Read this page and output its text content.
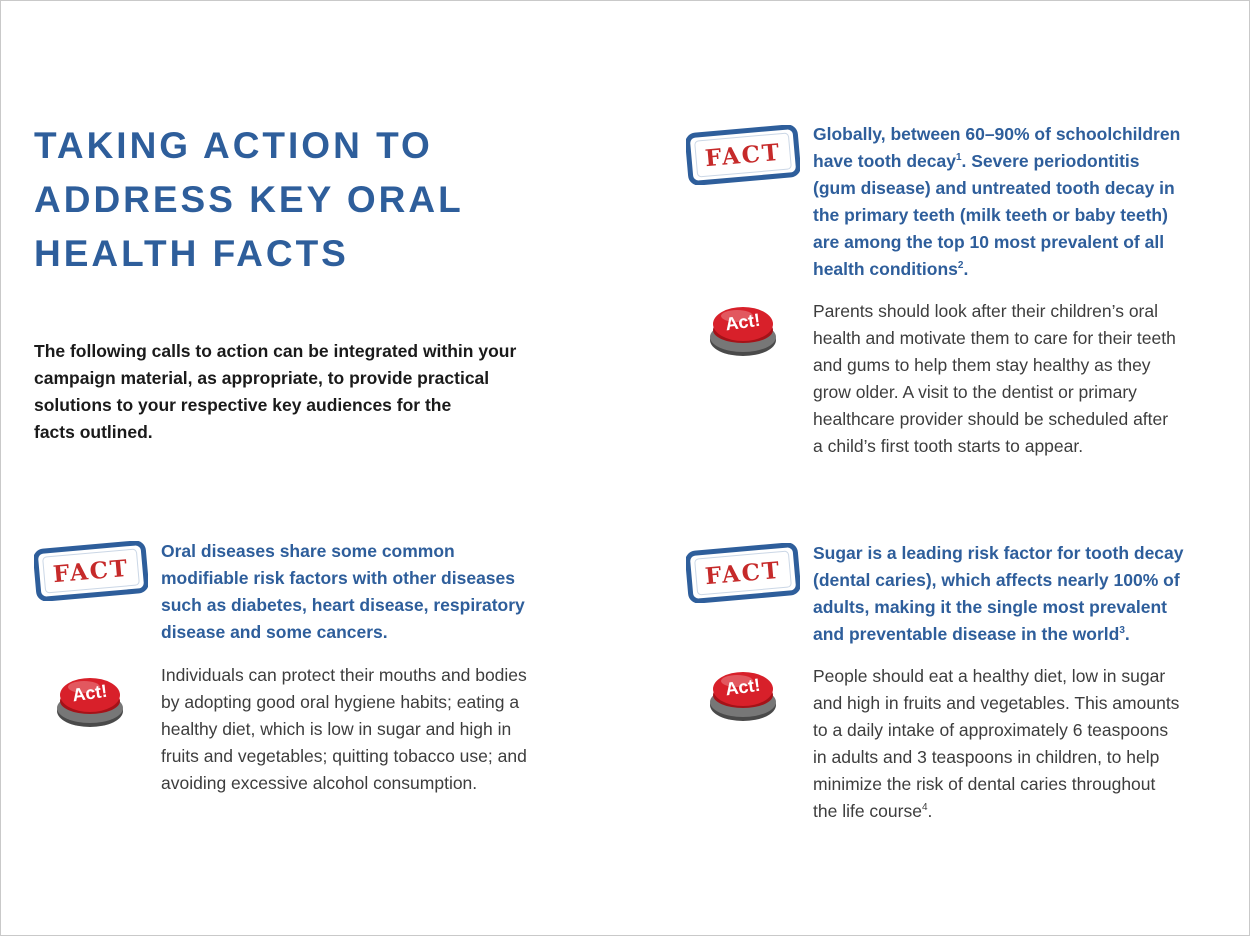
TAKING ACTION TO
ADDRESS KEY ORAL
HEALTH FACTS

The following calls to action can be integrated within your
campaign material, as appropriate, to provide practical
solutions to your respective key audiences for the
facts outlined.

FACT

Oral diseases share some common
modifiable risk factors with other diseases
such as diabetes, heart disease, respiratory
disease and some cancers.

Act!

Individuals can protect their mouths and bodies
by adopting good oral hygiene habits; eating a
healthy diet, which is low in sugar and high in
fruits and vegetables; quitting tobacco use; and
avoiding excessive alcohol consumption.

FACT

Globally, between 60–90% of schoolchildren
have tooth decay$^1$. Severe periodontitis
(gum disease) and untreated tooth decay in
the primary teeth (milk teeth or baby teeth)
are among the top 10 most prevalent of all
health conditions$^2$.

Act!	Parents should look after their children’s oral
health and motivate them to care for their teeth
and gums to help them stay healthy as they
grow older. A visit to the dentist or primary
healthcare provider should be scheduled after
a child’s first tooth starts to appear.

FACT

Sugar is a leading risk factor for tooth decay
(dental caries), which affects nearly 100% of
adults, making it the single most prevalent
and preventable disease in the world$^3$.

Act!	People should eat a healthy diet, low in sugar
and high in fruits and vegetables. This amounts
to a daily intake of approximately 6 teaspoons
in adults and 3 teaspoons in children, to help
minimize the risk of dental caries throughout
the life course$^4$.
